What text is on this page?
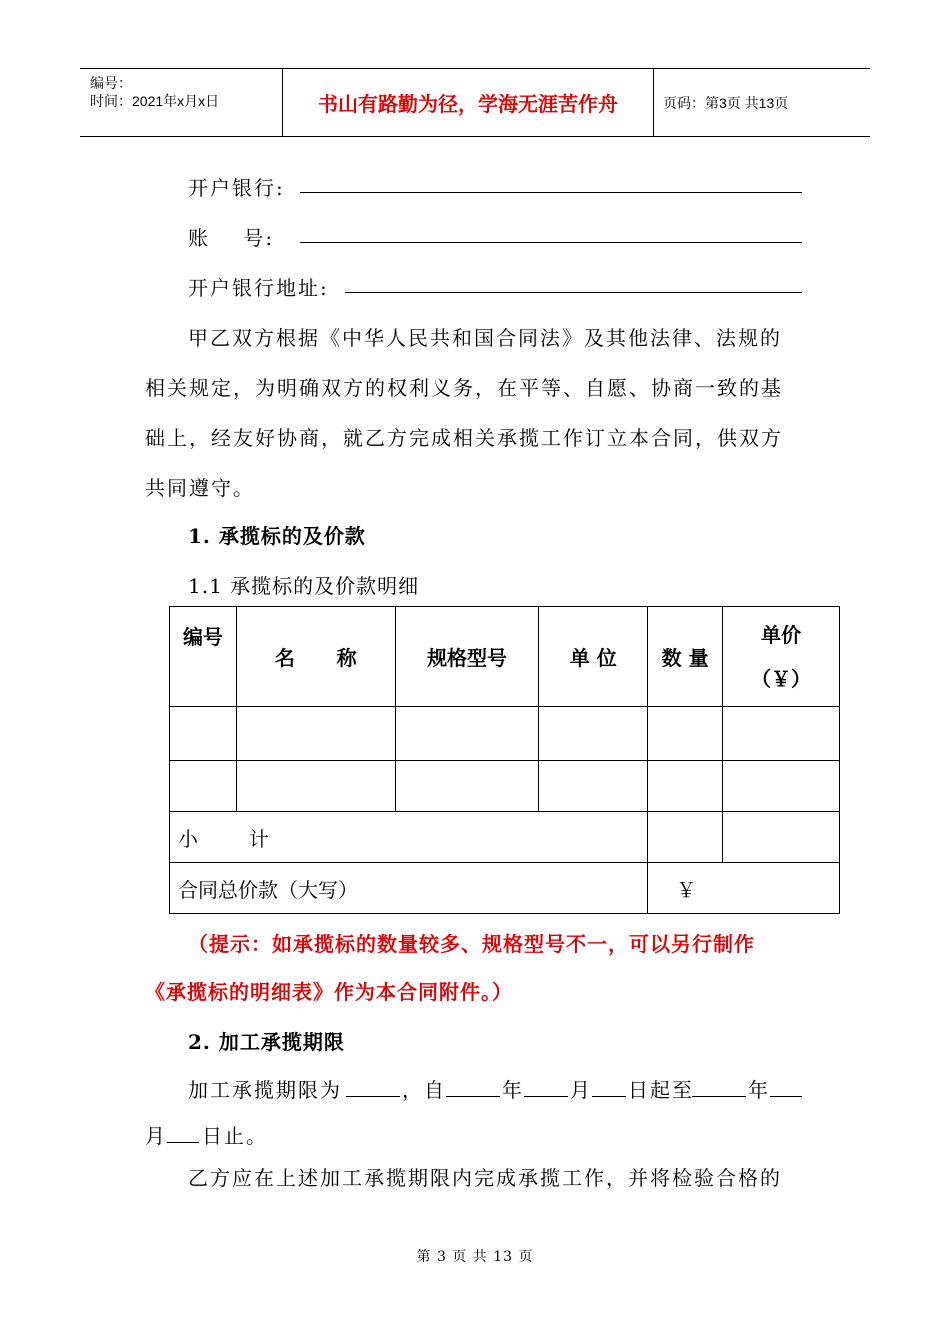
编号：
时间：2021年x月x日	书山有路勤为径，学海无涯苦作舟	页码：第3页 共13页
开户银行:
账    号:
开户银行地址:
甲乙双方根据《中华人民共和国合同法》及其他法律、法规的
相关规定，为明确双方的权利义务，在平等、自愿、协商一致的基
础上，经友好协商，就乙方完成相关承揽工作订立本合同，供双方
共同遵守。
1. 承揽标的及价款
1.1 承揽标的及价款明细
编号	名      称	规格型号	单 位	数 量	单价
（￥）

小        计					
合同总价款（大写）				￥	
（提示：如承揽标的数量较多、规格型号不一，可以另行制作
《承揽标的明细表》作为本合同附件。）
2. 加工承揽期限
加工承揽期限为	，自	年 月 日起至	年
月 日止。
乙方应在上述加工承揽期限内完成承揽工作，并将检验合格的
第 3 页 共 13 页
